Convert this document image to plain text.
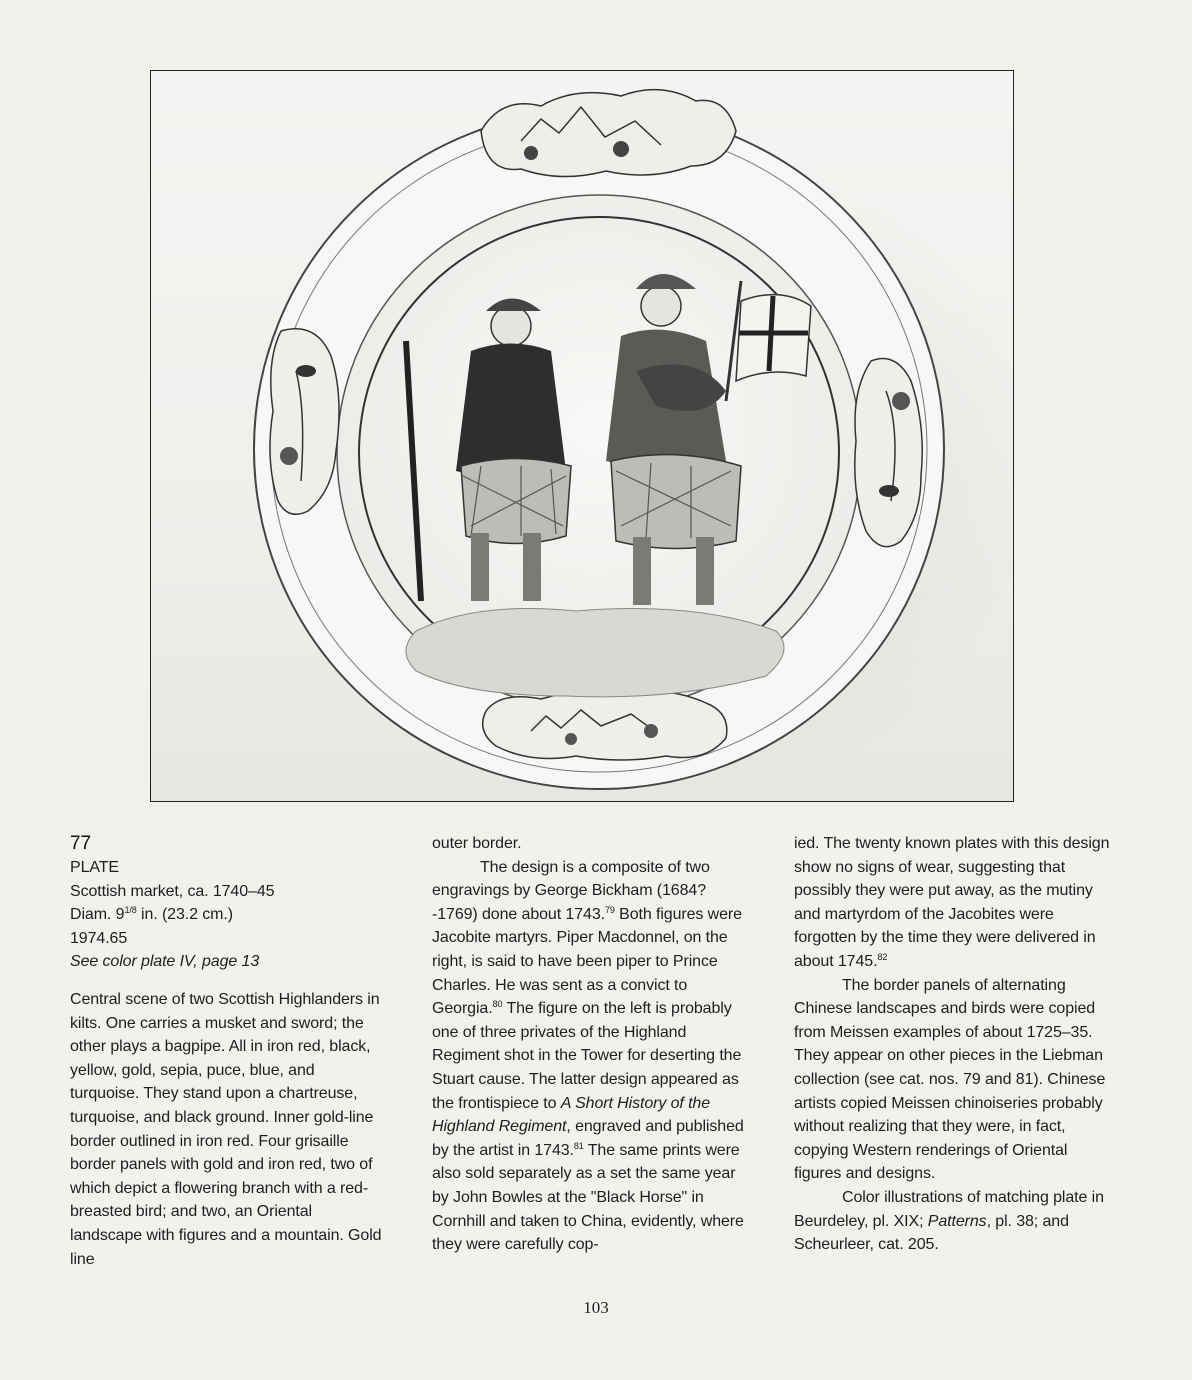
77

PLATE

Scottish market, ca. 1740–45

Diam. $9^{1/8}$ in. (23.2 cm.)

1974.65

See color plate IV, page 13

Central scene of two Scottish Highlanders in kilts. One carries a musket and sword; the other plays a bagpipe. All in iron red, black, yellow, gold, sepia, puce, blue, and turquoise. They stand upon a chartreuse, turquoise, and black ground. Inner gold-line border outlined in iron red. Four grisaille border panels with gold and iron red, two of which depict a flowering branch with a red-breasted bird; and two, an Oriental landscape with figures and a mountain. Gold line

outer border.

The design is a composite of two engravings by George Bickham (1684?-1769) done about 1743.79 Both figures were Jacobite martyrs. Piper Macdonnel, on the right, is said to have been piper to Prince Charles. He was sent as a convict to Georgia.$^{80}$ The figure on the left is probably one of three privates of the Highland Regiment shot in the Tower for deserting the Stuart cause. The latter design appeared as the frontispiece to A Short History of the Highland Regiment, engraved and published by the artist in 1743.81 The same prints were also sold separately as a set the same year by John Bowles at the "Black Horse" in Cornhill and taken to China, evidently, where they were carefully cop-

ied. The twenty known plates with this design show no signs of wear, suggesting that possibly they were put away, as the mutiny and martyrdom of the Jacobites were forgotten by the time they were delivered in about 1745.82

The border panels of alternating Chinese landscapes and birds were copied from Meissen examples of about 1725–35. They appear on other pieces in the Liebman collection (see cat. nos. 79 and 81). Chinese artists copied Meissen chinoiseries probably without realizing that they were, in fact, copying Western renderings of Oriental figures and designs.

Color illustrations of matching plate in Beurdeley, pl. XIX; Patterns, pl. 38; and Scheurleer, cat. 205.

103
